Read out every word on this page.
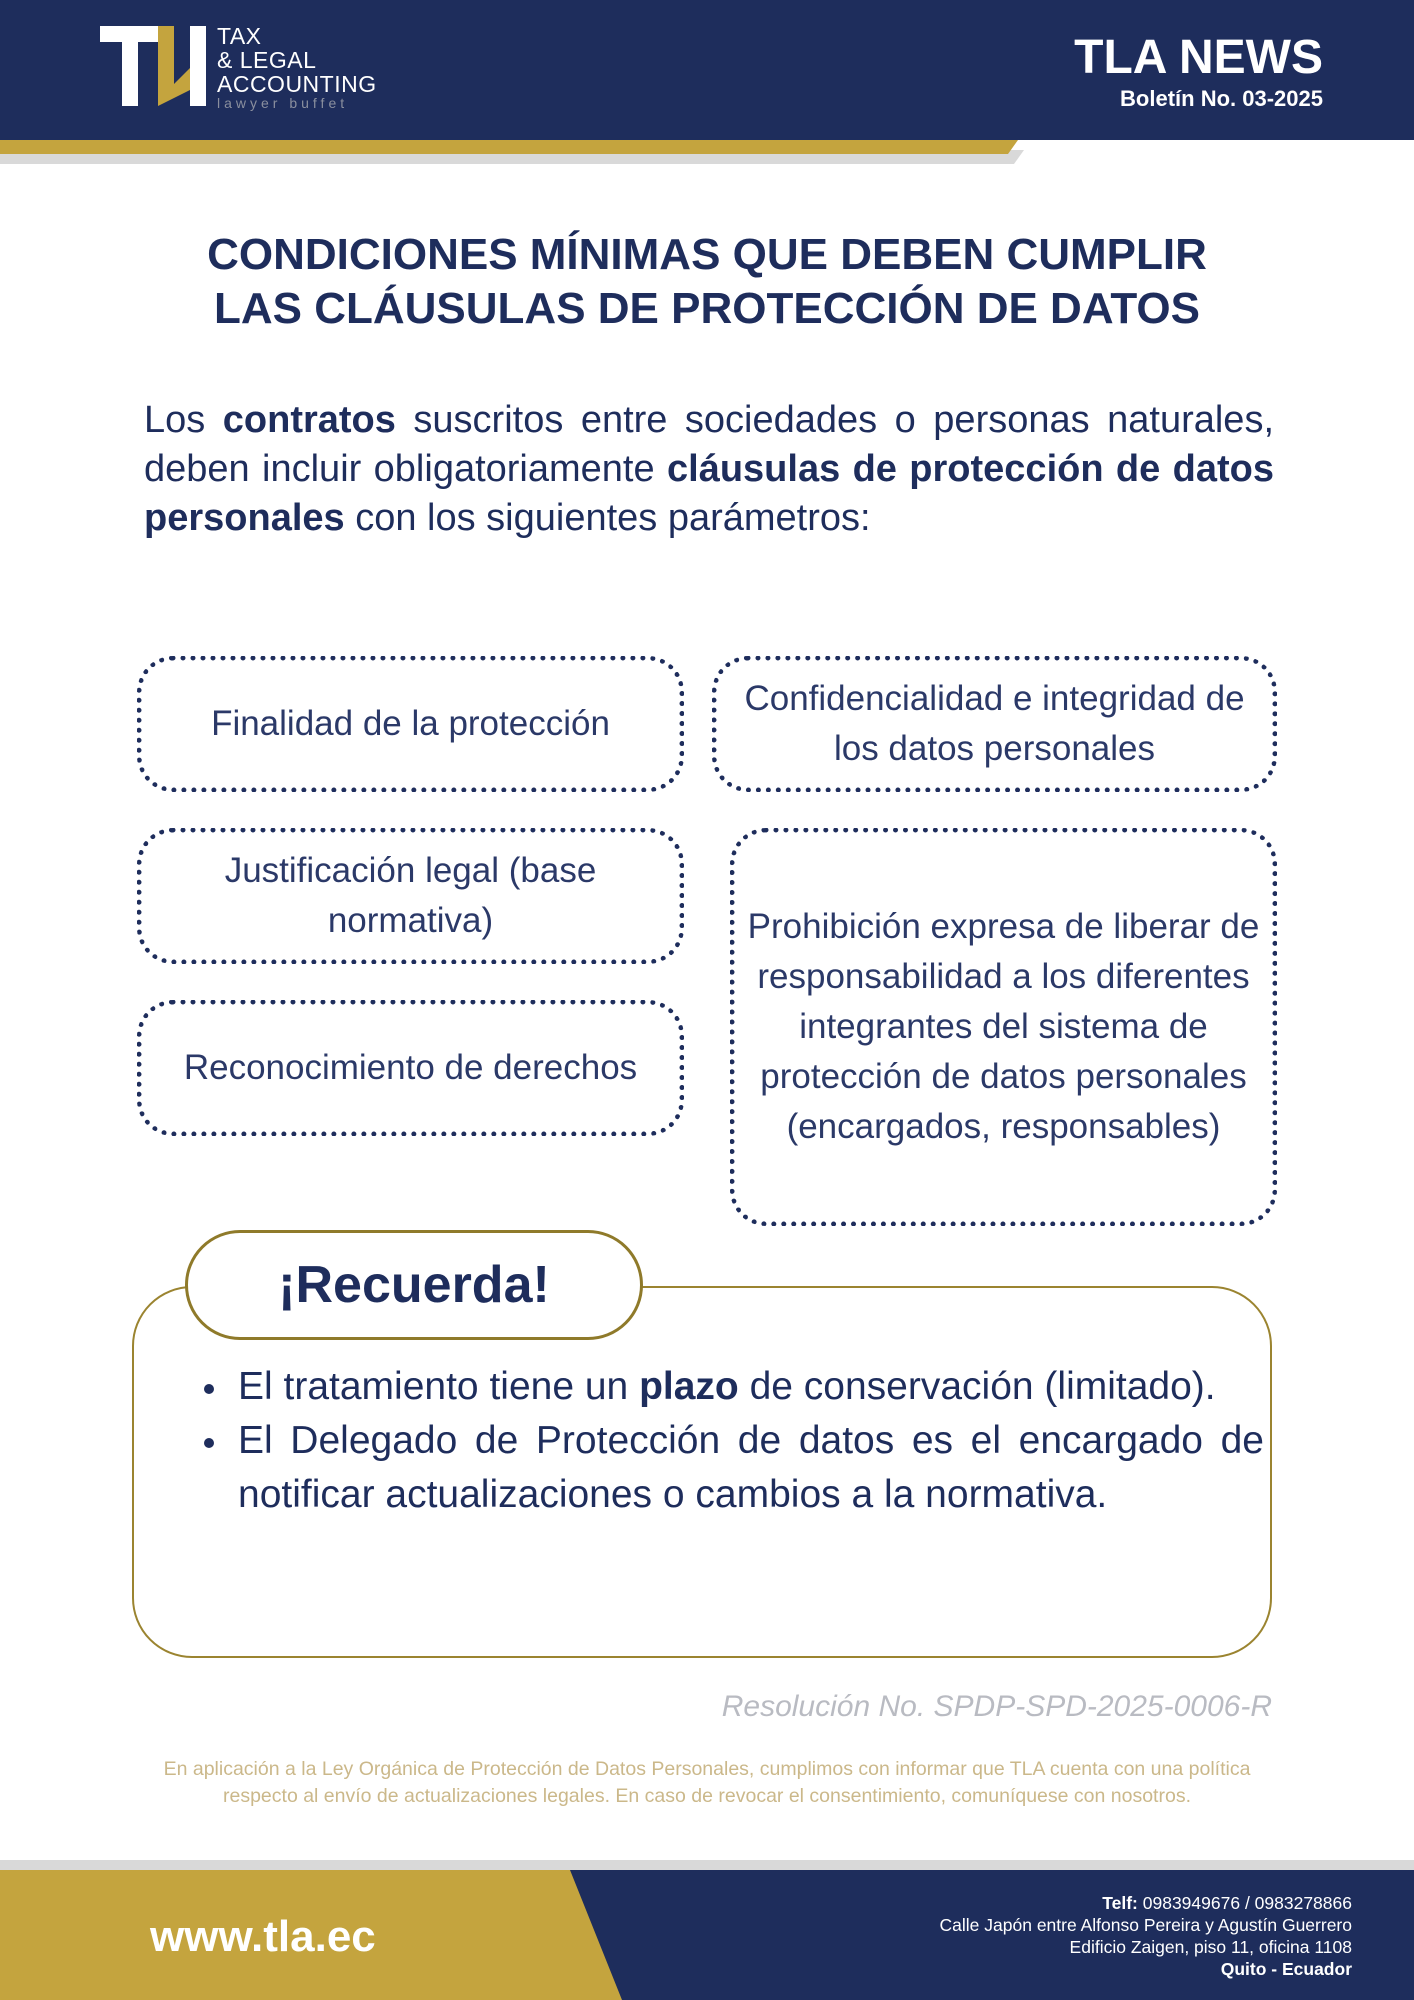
TAX
& LEGAL
ACCOUNTING
lawyer buffet
TLA NEWS
Boletín No. 03-2025
CONDICIONES MÍNIMAS QUE DEBEN CUMPLIR
LAS CLÁUSULAS DE PROTECCIÓN DE DATOS

Los contratos suscritos entre sociedades o personas naturales, deben incluir obligatoriamente cláusulas de protección de datos personales con los siguientes parámetros:

Finalidad de la protección
Confidencialidad e integridad de los datos personales
Justificación legal (base normativa)
Reconocimiento de derechos
Prohibición expresa de liberar de responsabilidad a los diferentes integrantes del sistema de protección de datos personales (encargados, responsables)
¡Recuerda!
El tratamiento tiene un plazo de conservación (limitado).
El Delegado de Protección de datos es el encargado de notificar actualizaciones o cambios a la normativa.
Resolución No. SPDP-SPD-2025-0006-R
En aplicación a la Ley Orgánica de Protección de Datos Personales, cumplimos con informar que TLA cuenta con una política respecto al envío de actualizaciones legales. En caso de revocar el consentimiento, comuníquese con nosotros.
www.tla.ec
Telf: 0983949676 / 0983278866
Calle Japón entre Alfonso Pereira y Agustín Guerrero
Edificio Zaigen, piso 11, oficina 1108
Quito - Ecuador
